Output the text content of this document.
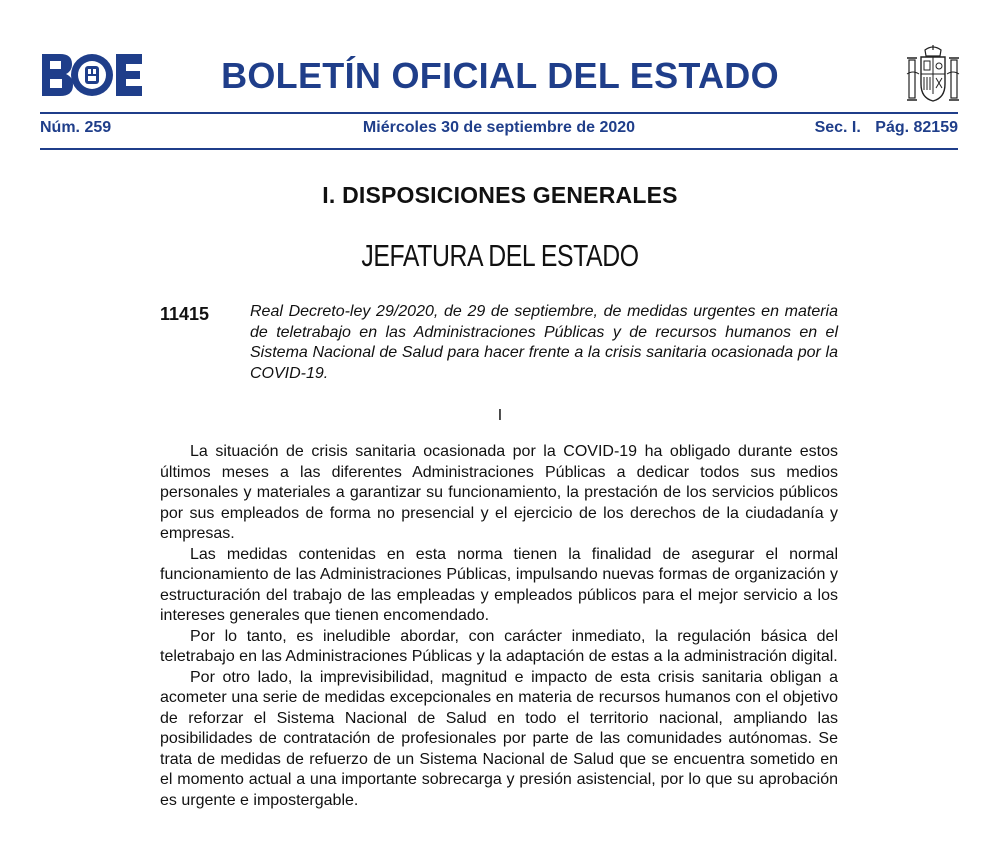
BOLETÍN OFICIAL DEL ESTADO
Núm. 259	Miércoles 30 de septiembre de 2020	Sec. I. Pág. 82159
I. DISPOSICIONES GENERALES
JEFATURA DEL ESTADO
11415	Real Decreto-ley 29/2020, de 29 de septiembre, de medidas urgentes en materia de teletrabajo en las Administraciones Públicas y de recursos humanos en el Sistema Nacional de Salud para hacer frente a la crisis sanitaria ocasionada por la COVID-19.
I

La situación de crisis sanitaria ocasionada por la COVID-19 ha obligado durante estos últimos meses a las diferentes Administraciones Públicas a dedicar todos sus medios personales y materiales a garantizar su funcionamiento, la prestación de los servicios públicos por sus empleados de forma no presencial y el ejercicio de los derechos de la ciudadanía y empresas.

Las medidas contenidas en esta norma tienen la finalidad de asegurar el normal funcionamiento de las Administraciones Públicas, impulsando nuevas formas de organización y estructuración del trabajo de las empleadas y empleados públicos para el mejor servicio a los intereses generales que tienen encomendado.

Por lo tanto, es ineludible abordar, con carácter inmediato, la regulación básica del teletrabajo en las Administraciones Públicas y la adaptación de estas a la administración digital.

Por otro lado, la imprevisibilidad, magnitud e impacto de esta crisis sanitaria obligan a acometer una serie de medidas excepcionales en materia de recursos humanos con el objetivo de reforzar el Sistema Nacional de Salud en todo el territorio nacional, ampliando las posibilidades de contratación de profesionales por parte de las comunidades autónomas. Se trata de medidas de refuerzo de un Sistema Nacional de Salud que se encuentra sometido en el momento actual a una importante sobrecarga y presión asistencial, por lo que su aprobación es urgente e impostergable.
